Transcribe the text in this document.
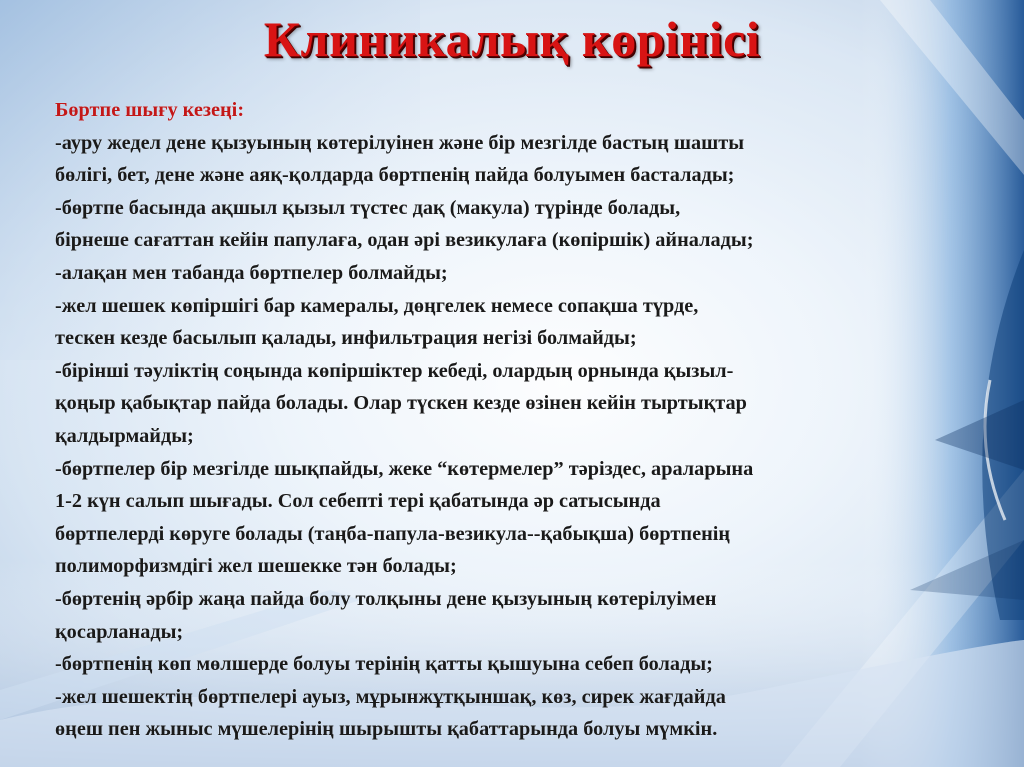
Клиникалық көрінісі
Бөртпе шығу кезеңі:
-ауру жедел дене қызуының көтерілуінен және бір мезгілде бастың шашты
бөлігі, бет, дене және аяқ-қолдарда бөртпенің пайда болуымен басталады;
-бөртпе басында ақшыл қызыл түстес дақ (макула) түрінде болады,
бірнеше сағаттан кейін папулаға, одан әрі везикулаға (көпіршік) айналады;
-алақан мен табанда бөртпелер болмайды;
-жел шешек көпіршігі бар камералы, дөңгелек немесе сопақша түрде,
тескен кезде басылып қалады, инфильтрация негізі болмайды;
-біріншi тәуліктің соңында көпіршіктер кебеді, олардың орнында қызыл-
қоңыр қабықтар пайда болады. Олар түскен кезде өзінен кейін тыртықтар
қалдырмайды;
-бөртпелер бір мезгілде шықпайды, жеке “көтермелер” тәріздес, араларына
1-2 күн салып шығады. Сол себепті тері қабатында әр сатысында
бөртпелерді көруге болады (таңба-папула-везикула--қабықша) бөртпенің
полиморфизмдігі жел шешекке тән болады;
-бөртенің әрбір жаңа пайда болу толқыны дене қызуының көтерілуімен
қосарланады;
-бөртпенің көп мөлшерде болуы терінің қатты қышуына себеп болады;
-жел шешектің бөртпелері ауыз, мұрынжұтқыншақ, көз, сирек жағдайда
өңеш пен жыныс мүшелерінің шырышты қабаттарында болуы мүмкін.
